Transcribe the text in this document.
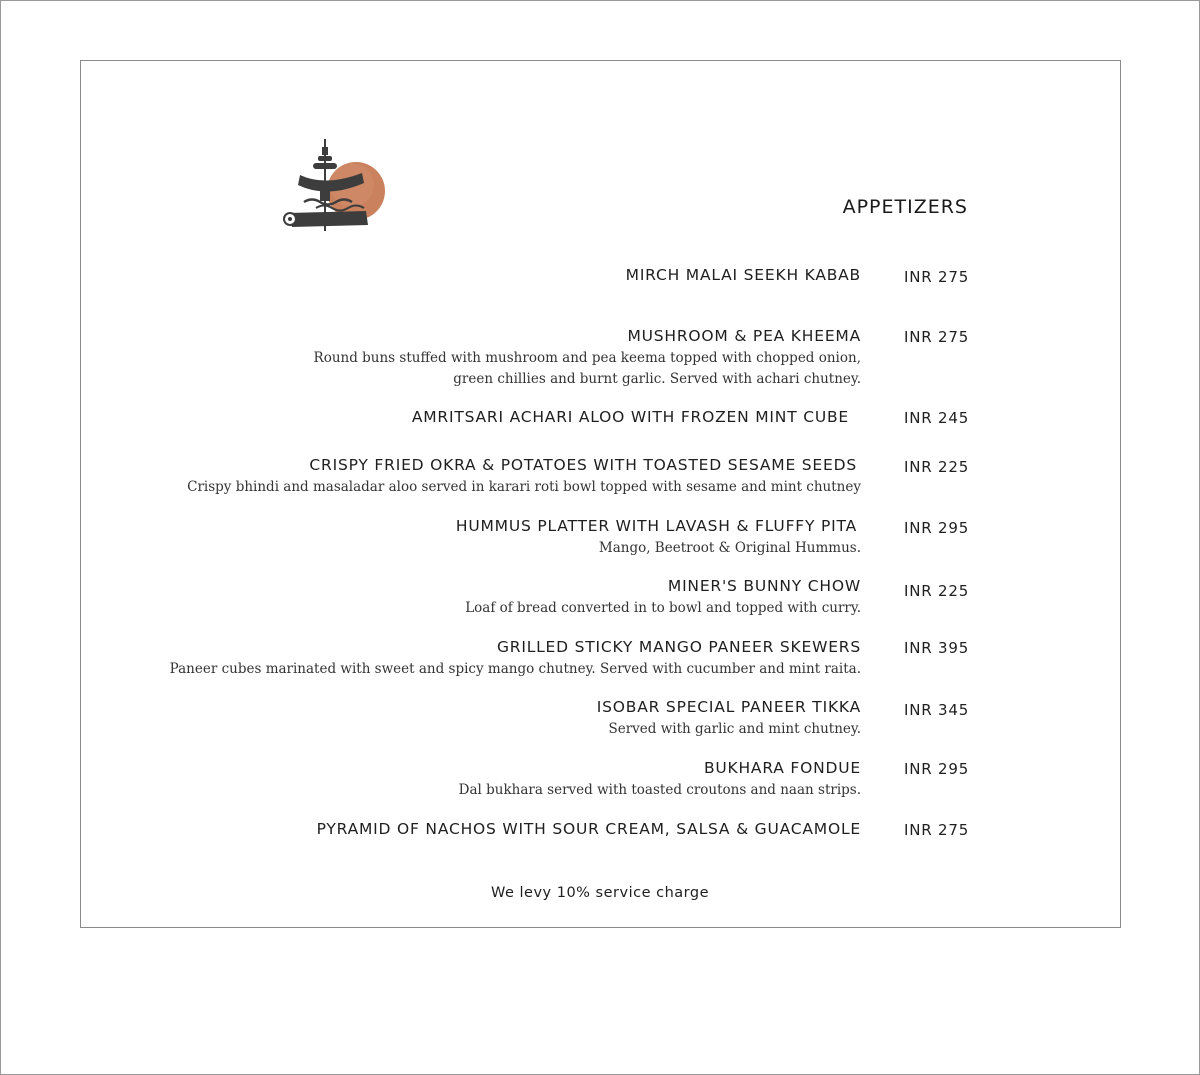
APPETIZERS
MIRCH MALAI SEEKH KABAB	INR 275
MUSHROOM & PEA KHEEMA	INR 275
Round buns stuffed with mushroom and pea keema topped with chopped onion,
green chillies and burnt garlic. Served with achari chutney.
AMRITSARI ACHARI ALOO WITH FROZEN MINT CUBE	INR 245
CRISPY FRIED OKRA & POTATOES WITH TOASTED SESAME SEEDS	INR 225
Crispy bhindi and masaladar aloo served in karari roti bowl topped with sesame and mint chutney
HUMMUS PLATTER WITH LAVASH & FLUFFY PITA	INR 295
Mango, Beetroot & Original Hummus.
MINER'S BUNNY CHOW	INR 225
Loaf of bread converted in to bowl and topped with curry.
GRILLED STICKY MANGO PANEER SKEWERS	INR 395
Paneer cubes marinated with sweet and spicy mango chutney. Served with cucumber and mint raita.
ISOBAR SPECIAL PANEER TIKKA	INR 345
Served with garlic and mint chutney.
BUKHARA FONDUE	INR 295
Dal bukhara served with toasted croutons and naan strips.
PYRAMID OF NACHOS WITH SOUR CREAM, SALSA & GUACAMOLE	INR 275
We levy 10% service charge
